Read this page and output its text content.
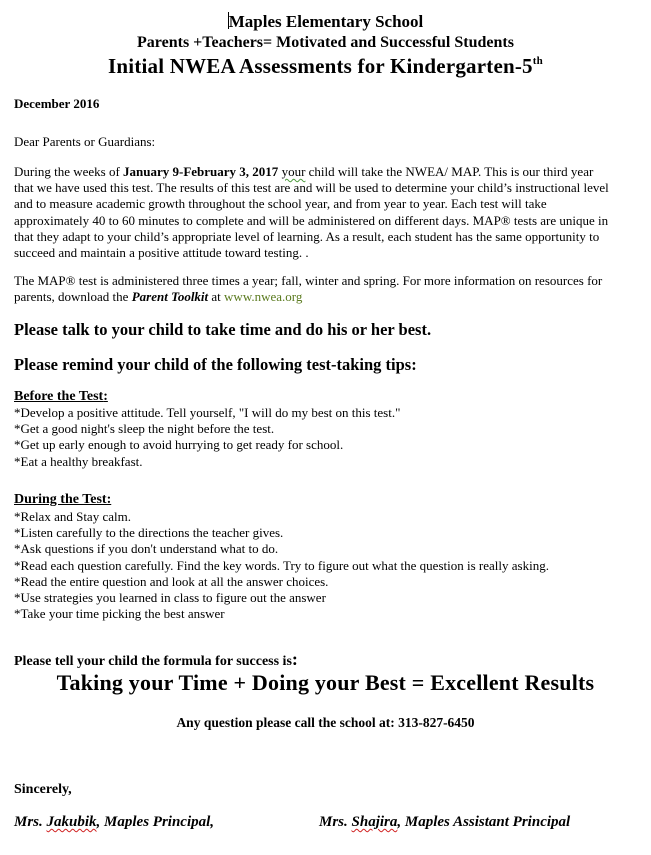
Maples Elementary School
Parents +Teachers= Motivated and Successful Students
Initial NWEA Assessments for Kindergarten-5th
December 2016
Dear Parents or Guardians:
During the weeks of January 9-February 3, 2017 your child will take the NWEA/ MAP. This is our third year
that we have used this test. The results of this test are and will be used to determine your child’s instructional level
and to measure academic growth throughout the school year, and from year to year. Each test will take
approximately 40 to 60 minutes to complete and will be administered on different days. MAP® tests are unique in
that they adapt to your child’s appropriate level of learning. As a result, each student has the same opportunity to
succeed and maintain a positive attitude toward testing. .
The MAP® test is administered three times a year; fall, winter and spring. For more information on resources for
parents, download the Parent Toolkit at www.nwea.org
Please talk to your child to take time and do his or her best.
Please remind your child of the following test-taking tips:
Before the Test:
*Develop a positive attitude. Tell yourself, "I will do my best on this test."
*Get a good night's sleep the night before the test.
*Get up early enough to avoid hurrying to get ready for school.
*Eat a healthy breakfast.
During the Test:
*Relax and Stay calm.
*Listen carefully to the directions the teacher gives.
*Ask questions if you don't understand what to do.
*Read each question carefully. Find the key words. Try to figure out what the question is really asking.
*Read the entire question and look at all the answer choices.
*Use strategies you learned in class to figure out the answer
*Take your time picking the best answer
Please tell your child the formula for success is:
Taking your Time + Doing your Best = Excellent Results
Any question please call the school at: 313-827-6450
Sincerely,
Mrs. Jakubik, Maples Principal,	Mrs. Shajira, Maples Assistant Principal
